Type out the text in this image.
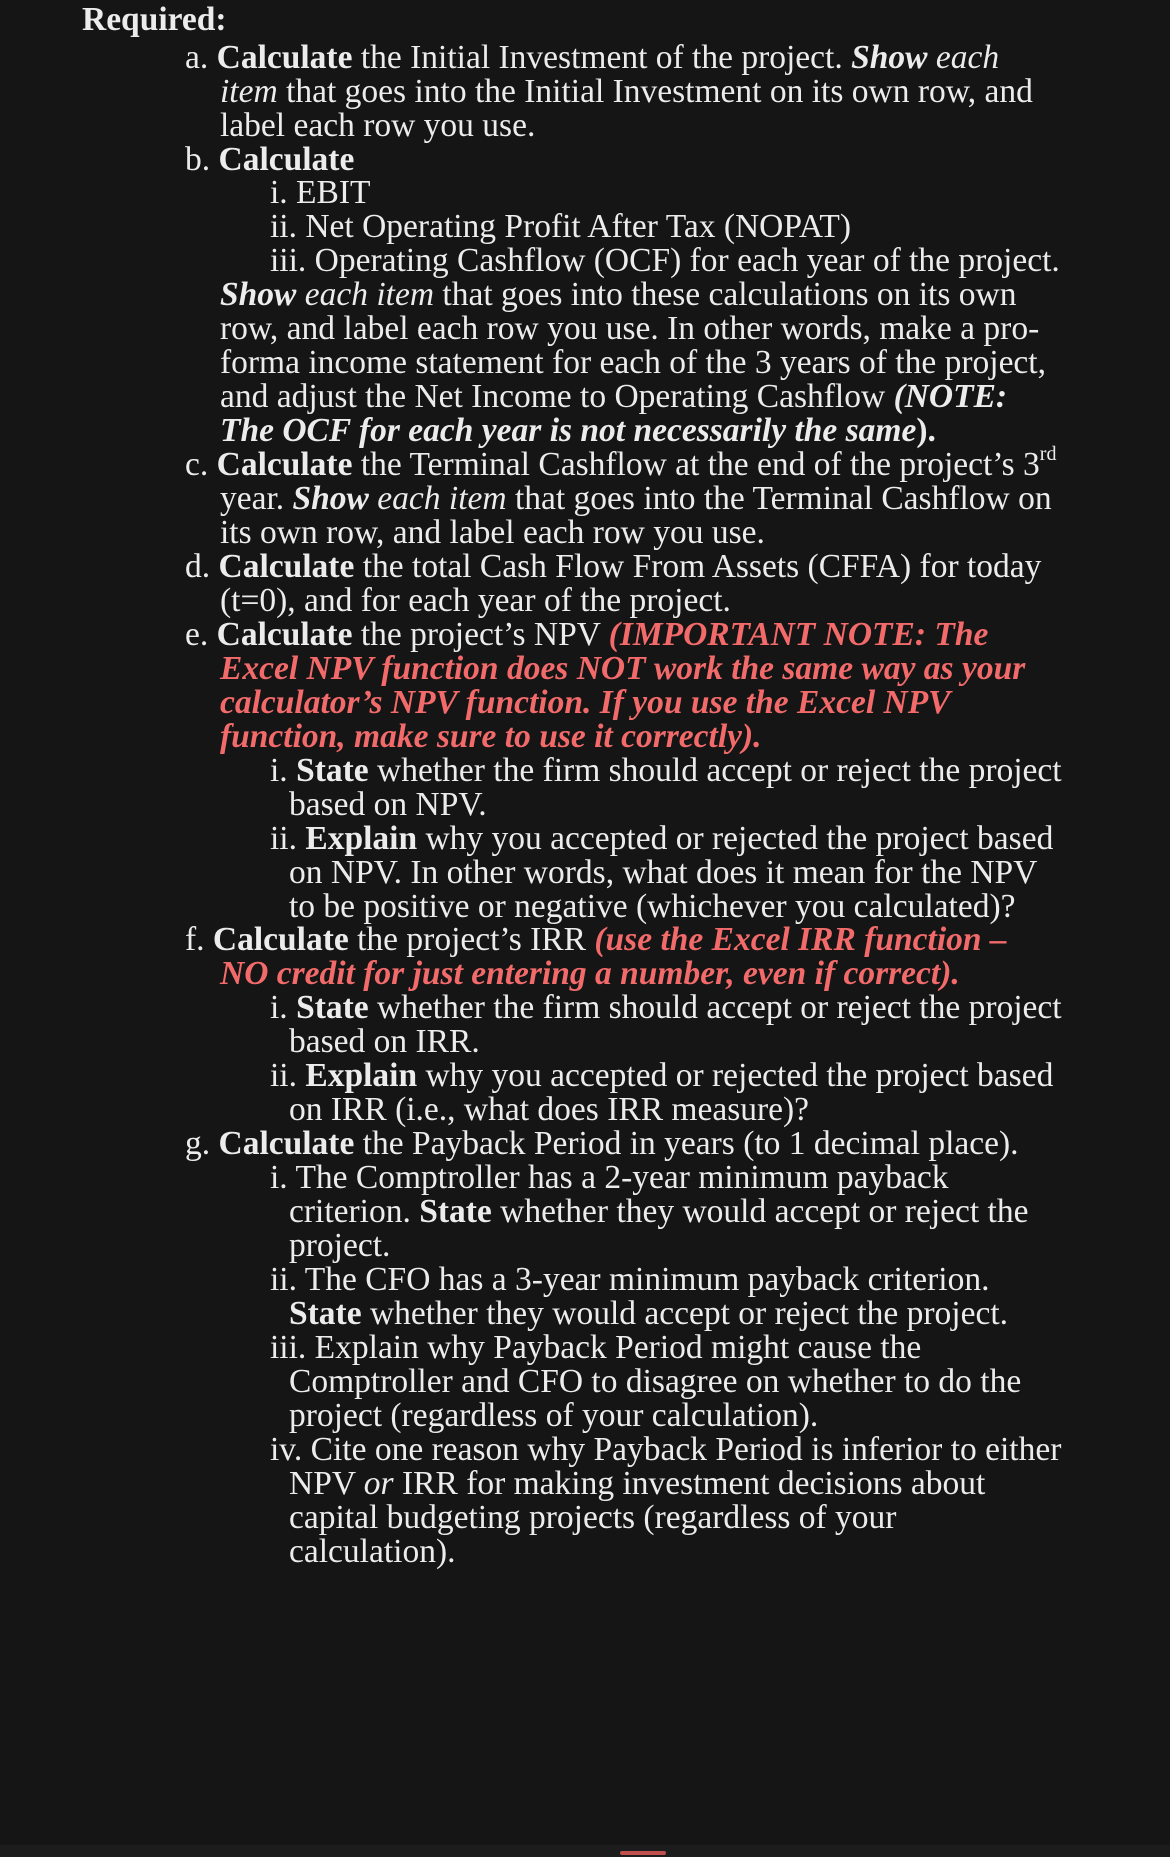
Required:
a. Calculate the Initial Investment of the project. Show each
item that goes into the Initial Investment on its own row, and
label each row you use.
b. Calculate
i. EBIT
ii. Net Operating Profit After Tax (NOPAT)
iii. Operating Cashflow (OCF) for each year of the project.
Show each item that goes into these calculations on its own
row, and label each row you use. In other words, make a pro-
forma income statement for each of the 3 years of the project,
and adjust the Net Income to Operating Cashflow (NOTE:
The OCF for each year is not necessarily the same).
c. Calculate the Terminal Cashflow at the end of the project’s 3rd
year. Show each item that goes into the Terminal Cashflow on
its own row, and label each row you use.
d. Calculate the total Cash Flow From Assets (CFFA) for today
(t=0), and for each year of the project.
e. Calculate the project’s NPV (IMPORTANT NOTE: The
Excel NPV function does NOT work the same way as your
calculator’s NPV function. If you use the Excel NPV
function, make sure to use it correctly).
i. State whether the firm should accept or reject the project
based on NPV.
ii. Explain why you accepted or rejected the project based
on NPV. In other words, what does it mean for the NPV
to be positive or negative (whichever you calculated)?
f. Calculate the project’s IRR (use the Excel IRR function –
NO credit for just entering a number, even if correct).
i. State whether the firm should accept or reject the project
based on IRR.
ii. Explain why you accepted or rejected the project based
on IRR (i.e., what does IRR measure)?
g. Calculate the Payback Period in years (to 1 decimal place).
i. The Comptroller has a 2-year minimum payback
criterion. State whether they would accept or reject the
project.
ii. The CFO has a 3-year minimum payback criterion.
State whether they would accept or reject the project.
iii. Explain why Payback Period might cause the
Comptroller and CFO to disagree on whether to do the
project (regardless of your calculation).
iv. Cite one reason why Payback Period is inferior to either
NPV or IRR for making investment decisions about
capital budgeting projects (regardless of your
calculation).
